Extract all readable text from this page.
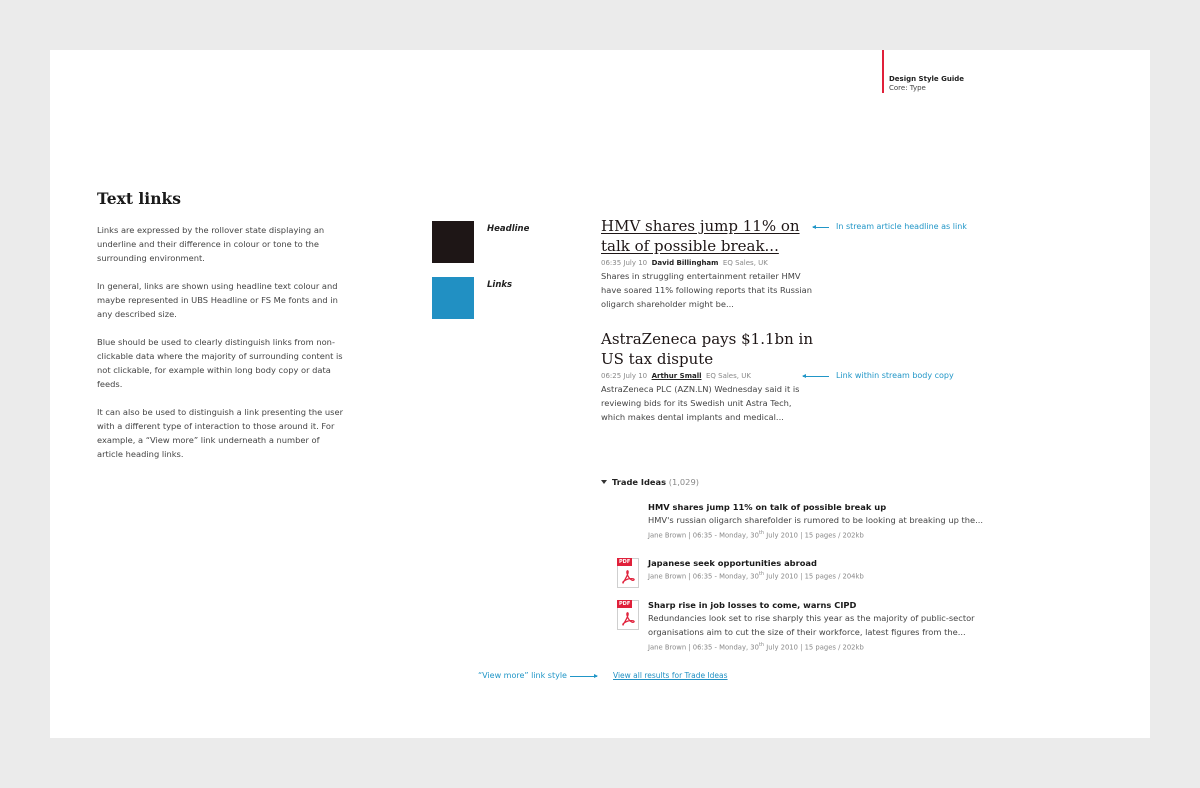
Design Style Guide
Core: Type
Text links

Links are expressed by the rollover state displaying an underline and their difference in colour or tone to the surrounding environment.

In general, links are shown using headline text colour and maybe represented in UBS Headline or FS Me fonts and in any described size.

Blue should be used to clearly distinguish links from non-clickable data where the majority of surrounding content is not clickable, for example within long body copy or data feeds.

It can also be used to distinguish a link presenting the user with a different type of interaction to those around it. For example, a “View more” link underneath a number of article heading links.

Headline
Links
HMV shares jump 11% on talk of possible break...
06:35 July 10 David Billingham EQ Sales, UK
Shares in struggling entertainment retailer HMV have soared 11% following reports that its Russian oligarch shareholder might be...
AstraZeneca pays $1.1bn in US tax dispute
06:25 July 10 Arthur Small EQ Sales, UK
AstraZeneca PLC (AZN.LN) Wednesday said it is reviewing bids for its Swedish unit Astra Tech, which makes dental implants and medical...
In stream article headline as link
Link within stream body copy
Trade Ideas (1,029)
HMV shares jump 11% on talk of possible break up
HMV's russian oligarch sharefolder is rumored to be looking at breaking up the...
Jane Brown | 06:35 - Monday, 30th July 2010 | 15 pages / 202kb
PDF Japanese seek opportunities abroad
Jane Brown | 06:35 - Monday, 30th July 2010 | 15 pages / 204kb
PDF Sharp rise in job losses to come, warns CIPD
Redundancies look set to rise sharply this year as the majority of public-sector organisations aim to cut the size of their workforce, latest figures from the...
Jane Brown | 06:35 - Monday, 30th July 2010 | 15 pages / 202kb
“View more” link style	View all results for Trade Ideas
